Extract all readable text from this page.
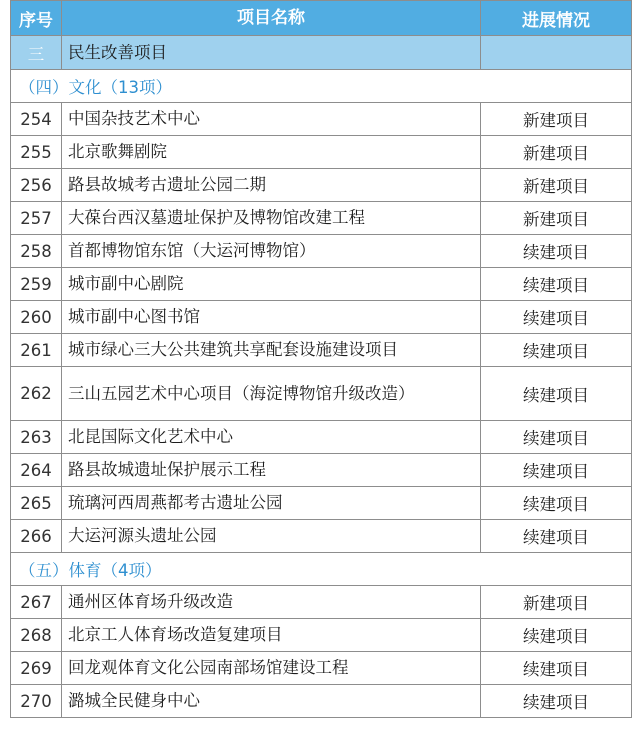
序号	项目名称	进展情况
三	民生改善项目
（四）文化（13项）
254 中国杂技艺术中心	新建项目
255 北京歌舞剧院	新建项目
256 路县故城考古遗址公园二期	新建项目
257 大葆台西汉墓遗址保护及博物馆改建工程	新建项目
258 首都博物馆东馆（大运河博物馆）	续建项目
259 城市副中心剧院	续建项目
260 城市副中心图书馆	续建项目
261 城市绿心三大公共建筑共享配套设施建设项目	续建项目
262 三山五园艺术中心项目（海淀博物馆升级改造）	续建项目
263 北昆国际文化艺术中心	续建项目
264 路县故城遗址保护展示工程	续建项目
265 琉璃河西周燕都考古遗址公园	续建项目
266 大运河源头遗址公园	续建项目
（五）体育（4项）
267 通州区体育场升级改造	新建项目
268 北京工人体育场改造复建项目	续建项目
269 回龙观体育文化公园南部场馆建设工程	续建项目
270 潞城全民健身中心	续建项目
